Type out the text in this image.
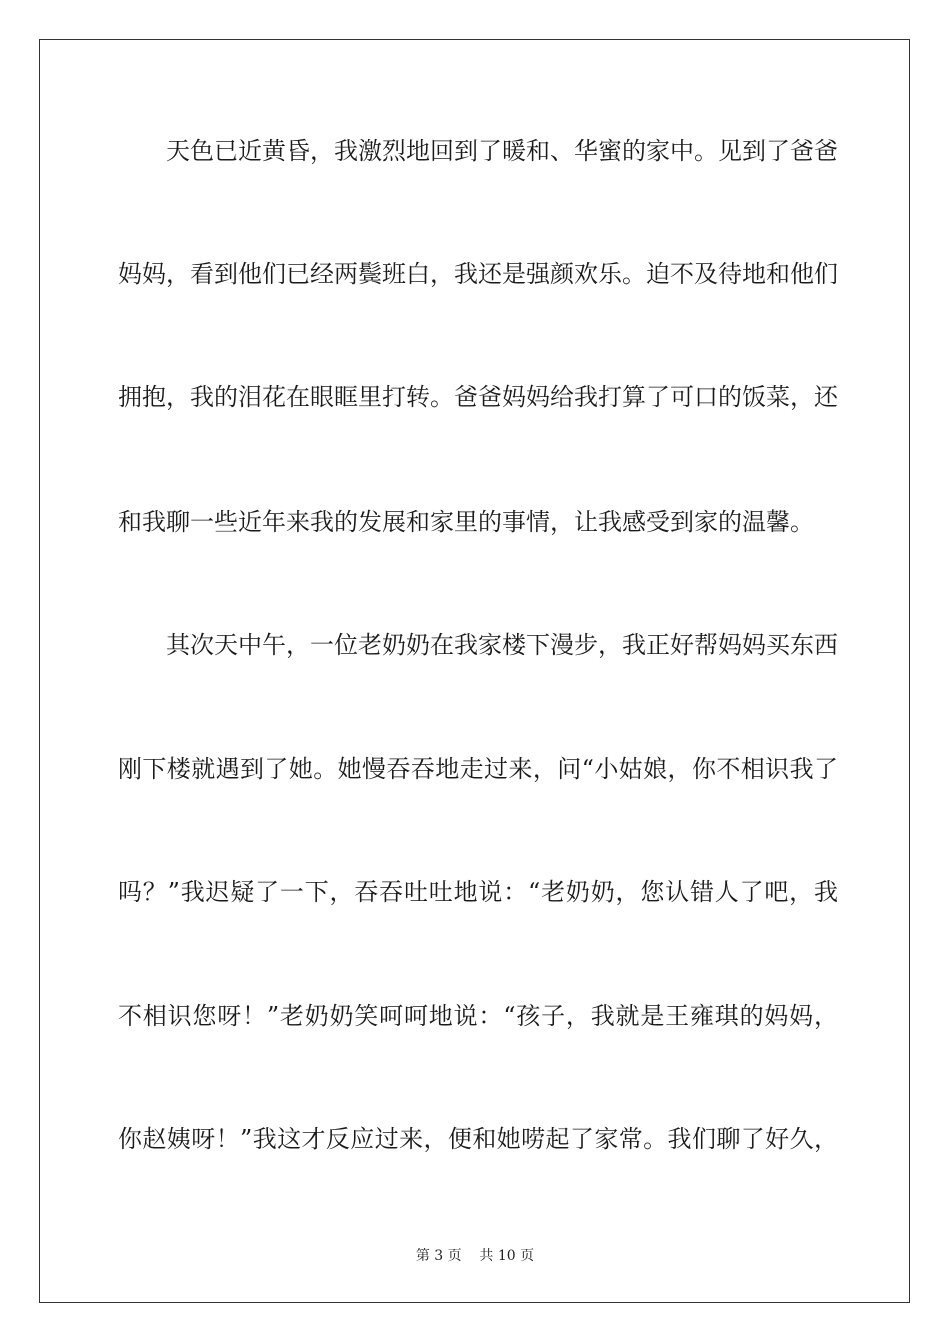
天色已近黄昏，我激烈地回到了暖和、华蜜的家中。见到了爸爸
妈妈，看到他们已经两鬓班白，我还是强颜欢乐。迫不及待地和他们
拥抱，我的泪花在眼眶里打转。爸爸妈妈给我打算了可口的饭菜，还
和我聊一些近年来我的发展和家里的事情，让我感受到家的温馨。
其次天中午，一位老奶奶在我家楼下漫步，我正好帮妈妈买东西
刚下楼就遇到了她。她慢吞吞地走过来，问“小姑娘，你不相识我了
吗？”我迟疑了一下，吞吞吐吐地说：“老奶奶，您认错人了吧，我
不相识您呀！”老奶奶笑呵呵地说：“孩子，我就是王雍琪的妈妈，
你赵姨呀！”我这才反应过来，便和她唠起了家常。我们聊了好久，
第 3 页    共 10 页
